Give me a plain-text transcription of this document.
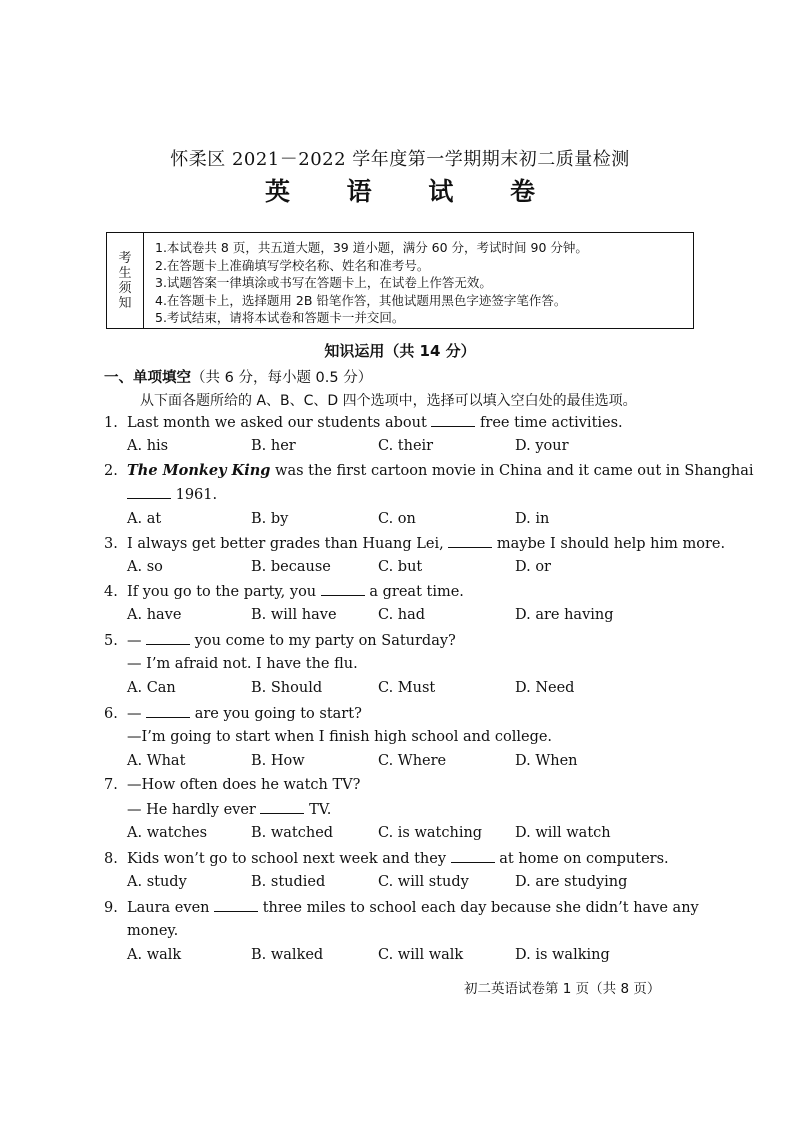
怀柔区 2021－2022 学年度第一学期期末初二质量检测
英 语 试 卷
考
生
须
知
1.本试卷共 8 页，共五道大题，39 道小题，满分 60 分，考试时间 90 分钟。
2.在答题卡上准确填写学校名称、姓名和准考号。
3.试题答案一律填涂或书写在答题卡上，在试卷上作答无效。
4.在答题卡上，选择题用 2B 铅笔作答，其他试题用黑色字迹签字笔作答。
5.考试结束，请将本试卷和答题卡一并交回。
知识运用（共 14 分）
一、单项填空（共 6 分，每小题 0.5 分）
从下面各题所给的 A、B、C、D 四个选项中，选择可以填入空白处的最佳选项。
1. Last month we asked our students about	free time activities.
A. his	B. her	C. their	D. your
2. The Monkey King was the first cartoon movie in China and it came out in Shanghai
1961.
A. at	B. by	C. on	D. in
3. I always get better grades than Huang Lei,	maybe I should help him more.
A. so	B. because	C. but	D. or
4. If you go to the party, you	a great time.
A. have	B. will have	C. had	D. are having
5. —	you come to my party on Saturday?
— I’m afraid not. I have the flu.
A. Can	B. Should	C. Must	D. Need
6. —	are you going to start?
—I’m going to start when I finish high school and college.
A. What	B. How	C. Where	D. When
7. —How often does he watch TV?
— He hardly ever	TV.
A. watches	B. watched	C. is watching D. will watch
8. Kids won’t go to school next week and they	at home on computers.
A. study	B. studied	C. will study	D. are studying
9. Laura even	three miles to school each day because she didn’t have any
money.
A. walk	B. walked	C. will walk	D. is walking
初二英语试卷第 1 页（共 8 页）
